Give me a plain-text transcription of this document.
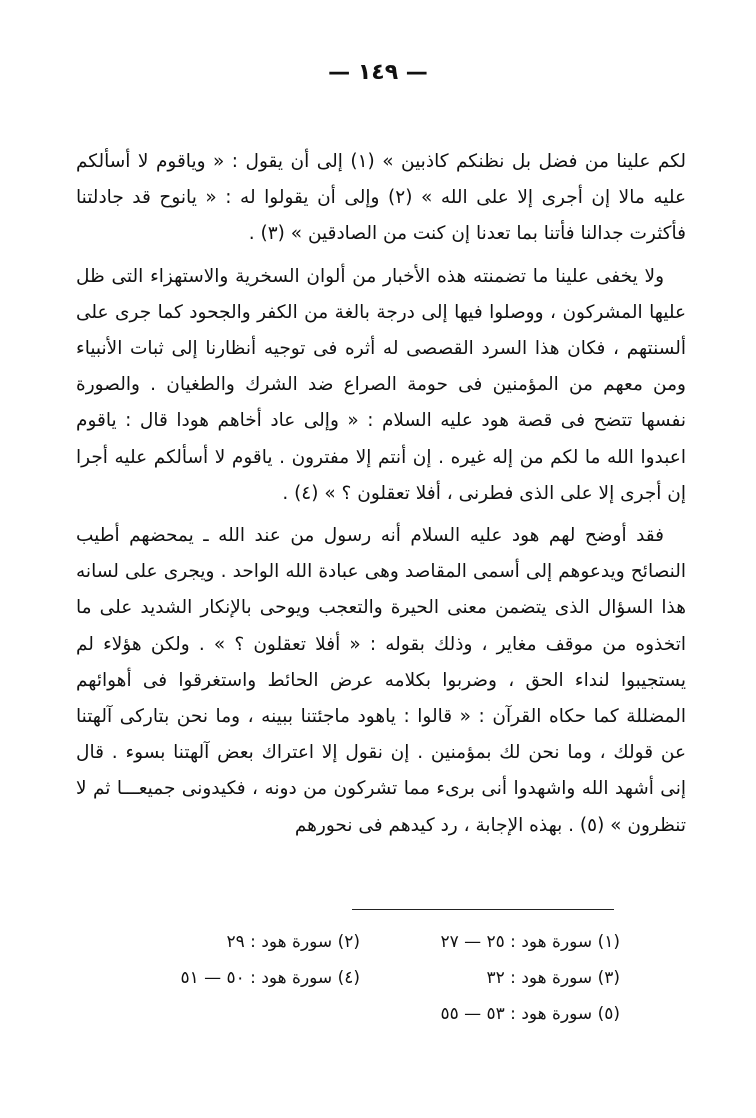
— ١٤٩ —

لكم علينا من فضل بل نظنكم كاذبين » (١) إلى أن يقول : « وياقوم لا أسألكم عليه مالا إن أجرى إلا على الله » (٢) وإلى أن يقولوا له : « يانوح قد جادلتنا فأكثرت جدالنا فأتنا بما تعدنا إن كنت من الصادقين » (٣) .

ولا يخفى علينا ما تضمنته هذه الأخبار من ألوان السخرية والاستهزاء التى ظل عليها المشركون ، ووصلوا فيها إلى درجة بالغة من الكفر والجحود كما جرى على ألسنتهم ، فكان هذا السرد القصصى له أثره فى توجيه أنظارنا إلى ثبات الأنبياء ومن معهم من المؤمنين فى حومة الصراع ضد الشرك والطغيان . والصورة نفسها تتضح فى قصة هود عليه السلام : « وإلى عاد أخاهم هودا قال : ياقوم اعبدوا الله ما لكم من إله غيره . إن أنتم إلا مفترون . ياقوم لا أسألكم عليه أجرا إن أجرى إلا على الذى فطرنى ، أفلا تعقلون ؟ » (٤) .

فقد أوضح لهم هود عليه السلام أنه رسول من عند الله ـ يمحضهم أطيب النصائح ويدعوهم إلى أسمى المقاصد وهى عبادة الله الواحد . ويجرى على لسانه هذا السؤال الذى يتضمن معنى الحيرة والتعجب ويوحى بالإنكار الشديد على ما اتخذوه من موقف مغاير ، وذلك بقوله : « أفلا تعقلون ؟ » . ولكن هؤلاء لم يستجيبوا لنداء الحق ، وضربوا بكلامه عرض الحائط واستغرقوا فى أهوائهم المضللة كما حكاه القرآن : « قالوا : ياهود ماجئتنا ببينه ، وما نحن بتاركى آلهتنا عن قولك ، وما نحن لك بمؤمنين . إن نقول إلا اعتراك بعض آلهتنا بسوء . قال إنى أشهد الله واشهدوا أنى برىء مما تشركون من دونه ، فكيدونى جميعـــا ثم لا تنظرون » (٥) . بهذه الإجابة ، رد كيدهم فى نحورهم

(١) سورة هود : ٢٥ — ٢٧
(٢) سورة هود : ٢٩
(٣) سورة هود : ٣٢
(٤) سورة هود : ٥٠ — ٥١
(٥) سورة هود : ٥٣ — ٥٥
